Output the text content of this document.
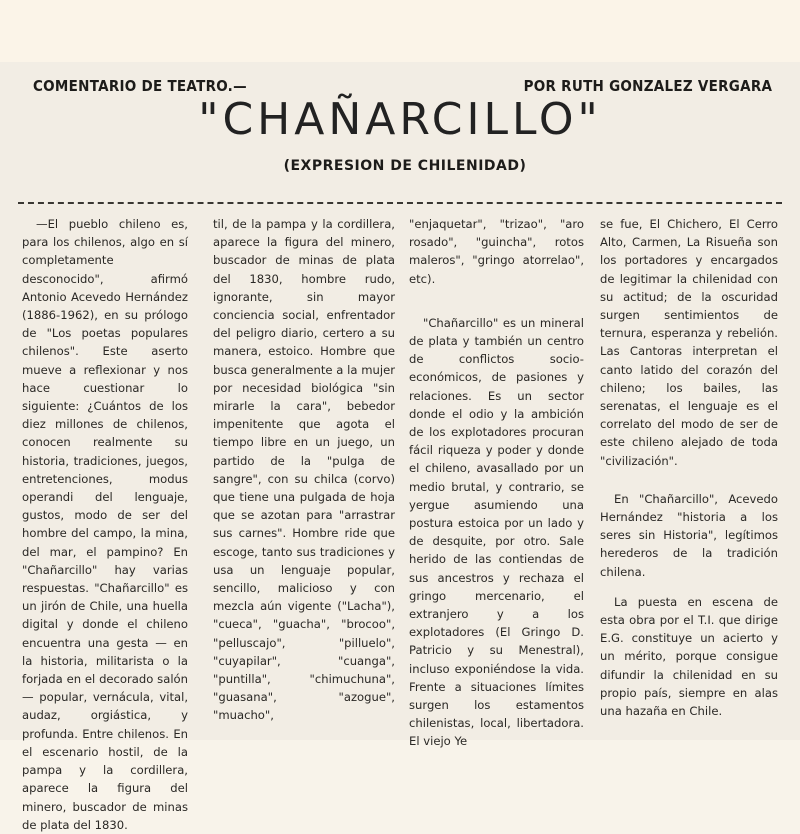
COMENTARIO DE TEATRO.—	POR RUTH GONZALEZ VERGARA
"CHAÑARCILLO"
(EXPRESION DE CHILENIDAD)

—El pueblo chileno es, para los chilenos, algo en sí completamente desconocido", afirmó Antonio Acevedo Hernández (1886-1962), en su prólogo de "Los poetas populares chilenos". Este aserto mueve a reflexionar y nos hace cuestionar lo siguiente: ¿Cuántos de los diez millones de chilenos, conocen realmente su historia, tradiciones, juegos, entretenciones, modus operandi del lenguaje, gustos, modo de ser del hombre del campo, la mina, del mar, el pampino? En "Chañarcillo" hay varias respuestas. "Chañarcillo" es un jirón de Chile, una huella digital y donde el chileno encuentra una gesta — en la historia, militarista o la forjada en el decorado salón — popular, vernácula, vital, audaz, orgiástica, y profunda. Entre chilenos. En el escenario hostil, de la pampa y la cordillera, aparece la figura del minero, buscador de minas de plata del 1830.

til, de la pampa y la cordillera, aparece la figura del minero, buscador de minas de plata del 1830, hombre rudo, ignorante, sin mayor conciencia social, enfrentador del peligro diario, certero a su manera, estoico. Hombre que busca generalmente a la mujer por necesidad biológica "sin mirarle la cara", bebedor impenitente que agota el tiempo libre en un juego, un partido de la "pulga de sangre", con su chilca (corvo) que tiene una pulgada de hoja que se azotan para "arrastrar sus carnes". Hombre ride que escoge, tanto sus tradiciones y usa un lenguaje popular, sencillo, malicioso y con mezcla aún vigente ("Lacha"), "cueca", "guacha", "brocoo", "pelluscajo", "pilluelo", "cuyapilar", "cuanga", "puntilla", "chimuchuna", "guasana", "azogue", "muacho",

"enjaquetar", "trizao", "aro rosado", "guincha", rotos maleros", "gringo atorrelao", etc).

"Chañarcillo" es un mineral de plata y también un centro de conflictos socio-económicos, de pasiones y relaciones. Es un sector donde el odio y la ambición de los explotadores procuran fácil riqueza y poder y donde el chileno, avasallado por un medio brutal, y contrario, se yergue asumiendo una postura estoica por un lado y de desquite, por otro. Sale herido de las contiendas de sus ancestros y rechaza el gringo mercenario, el extranjero y a los explotadores (El Gringo D. Patricio y su Menestral), incluso exponiéndose la vida. Frente a situaciones límites surgen los estamentos chilenistas, local, libertadora. El viejo Ye

se fue, El Chichero, El Cerro Alto, Carmen, La Risueña son los portadores y encargados de legitimar la chilenidad con su actitud; de la oscuridad surgen sentimientos de ternura, esperanza y rebelión. Las Cantoras interpretan el canto latido del corazón del chileno; los bailes, las serenatas, el lenguaje es el correlato del modo de ser de este chileno alejado de toda "civilización".

En "Chañarcillo", Acevedo Hernández "historia a los seres sin Historia", legítimos herederos de la tradición chilena.

La puesta en escena de esta obra por el T.I. que dirige E.G. constituye un acierto y un mérito, porque consigue difundir la chilenidad en su propio país, siempre en alas una hazaña en Chile.
